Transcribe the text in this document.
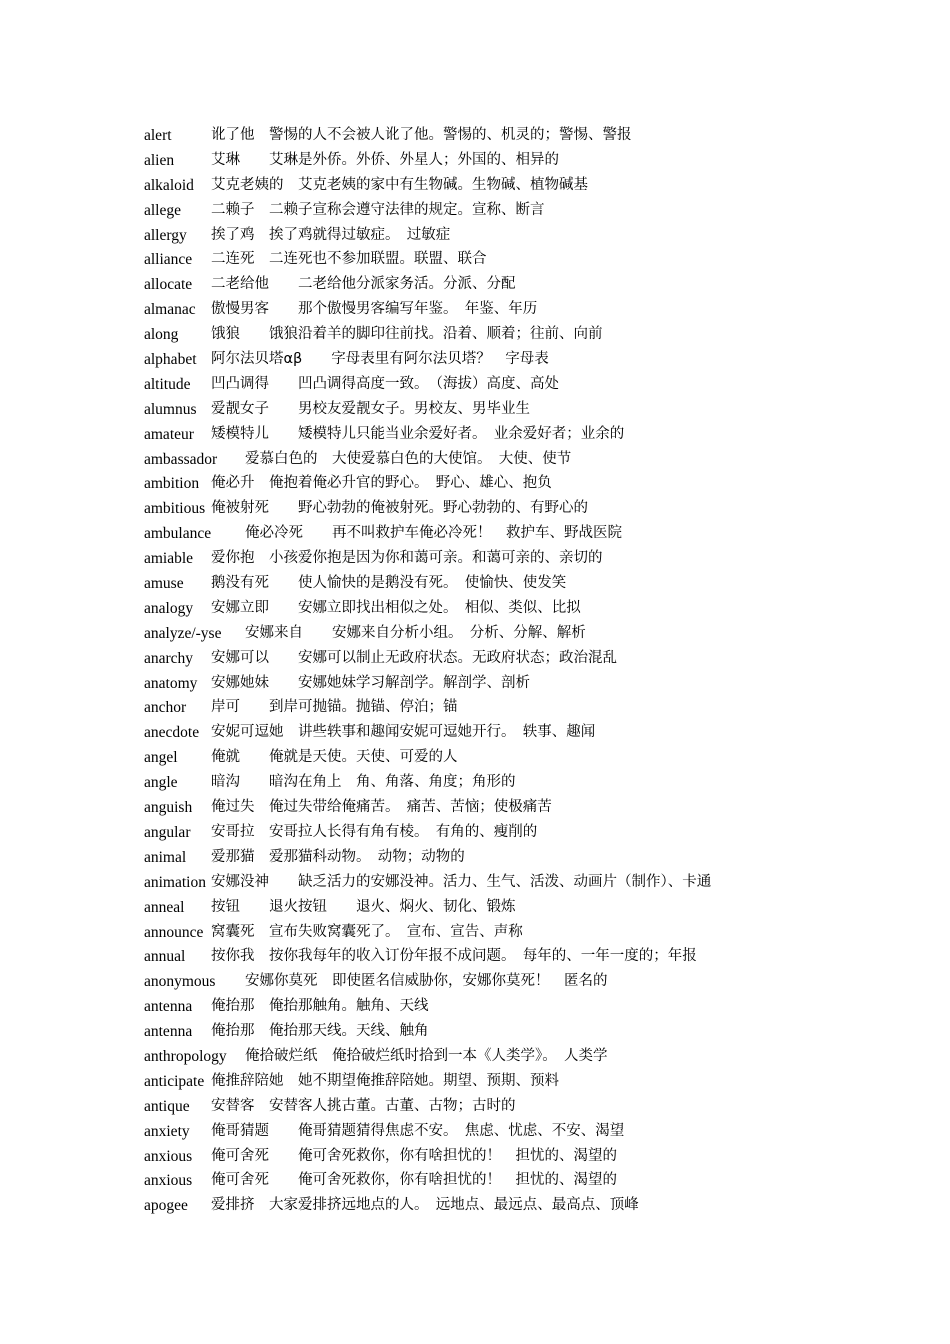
alert	讹了他　警惕的人不会被人讹了他。警惕的、机灵的；警惕、警报
alien	艾琳　　艾琳是外侨。外侨、外星人；外国的、相异的
alkaloid 艾克老姨的　艾克老姨的家中有生物碱。生物碱、植物碱基
allege 二赖子　二赖子宣称会遵守法律的规定。宣称、断言
allergy 挨了鸡　挨了鸡就得过敏症。　过敏症
alliance 二连死　二连死也不参加联盟。联盟、联合
allocate 二老给他　　二老给他分派家务活。分派、分配
almanac 傲慢男客　　那个傲慢男客编写年鉴。　年鉴、年历
along 饿狼　　饿狼沿着羊的脚印往前找。沿着、顺着；往前、向前
alphabet 阿尔法贝塔αβ　　字母表里有阿尔法贝塔？　字母表
altitude 凹凸调得　　凹凸调得高度一致。　（海拔）高度、高处
alumnus 爱靓女子　　男校友爱靓女子。男校友、男毕业生
amateur 矮模特儿　　矮模特儿只能当业余爱好者。　业余爱好者；业余的
ambassador 爱慕白色的　大使爱慕白色的大使馆。　大使、使节
ambition 俺必升　俺抱着俺必升官的野心。　野心、雄心、抱负
ambitious 俺被射死　　野心勃勃的俺被射死。野心勃勃的、有野心的
ambulance 俺必冷死　　再不叫救护车俺必冷死！　救护车、野战医院
amiable 爱你抱　小孩爱你抱是因为你和蔼可亲。和蔼可亲的、亲切的
amuse 鹅没有死　　使人愉快的是鹅没有死。　使愉快、使发笑
analogy 安娜立即　　安娜立即找出相似之处。　相似、类似、比拟
analyze/-yse 安娜来自　　安娜来自分析小组。　分析、分解、解析
anarchy 安娜可以　　安娜可以制止无政府状态。无政府状态；政治混乱
anatomy 安娜她妹　　安娜她妹学习解剖学。解剖学、剖析
anchor 岸可　　到岸可抛锚。抛锚、停泊；锚
anecdote 安妮可逗她　讲些轶事和趣闻安妮可逗她开行。　轶事、趣闻
angel 俺就　　俺就是天使。天使、可爱的人
angle 暗沟　　暗沟在角上　角、角落、角度；角形的
anguish 俺过失　俺过失带给俺痛苦。　痛苦、苦恼；使极痛苦
angular 安哥拉　安哥拉人长得有角有棱。　有角的、瘦削的
animal 爱那猫　爱那猫科动物。　动物；动物的
animation 安娜没神　　缺乏活力的安娜没神。活力、生气、活泼、动画片（制作）、卡通
anneal 按钮　　退火按钮　　退火、焖火、韧化、锻炼
announce 窝囊死　宣布失败窝囊死了。　宣布、宣告、声称
annual 按你我　按你我每年的收入订份年报不成问题。　每年的、一年一度的；年报
anonymous 安娜你莫死　即使匿名信威胁你，安娜你莫死！　匿名的
antenna 俺抬那　俺抬那触角。触角、天线
antenna 俺抬那　俺抬那天线。天线、触角
anthropology 俺拾破烂纸　俺拾破烂纸时拾到一本《人类学》。　人类学
anticipate 俺推辞陪她　她不期望俺推辞陪她。期望、预期、预料
antique 安替客　安替客人挑古董。古董、古物；古时的
anxiety 俺哥猜题　　俺哥猜题猜得焦虑不安。　焦虑、忧虑、不安、渴望
anxious 俺可舍死　　俺可舍死救你，你有啥担忧的！　担忧的、渴望的
anxious 俺可舍死　　俺可舍死救你，你有啥担忧的！　担忧的、渴望的
apogee 爱排挤　大家爱排挤远地点的人。　远地点、最远点、最高点、顶峰
